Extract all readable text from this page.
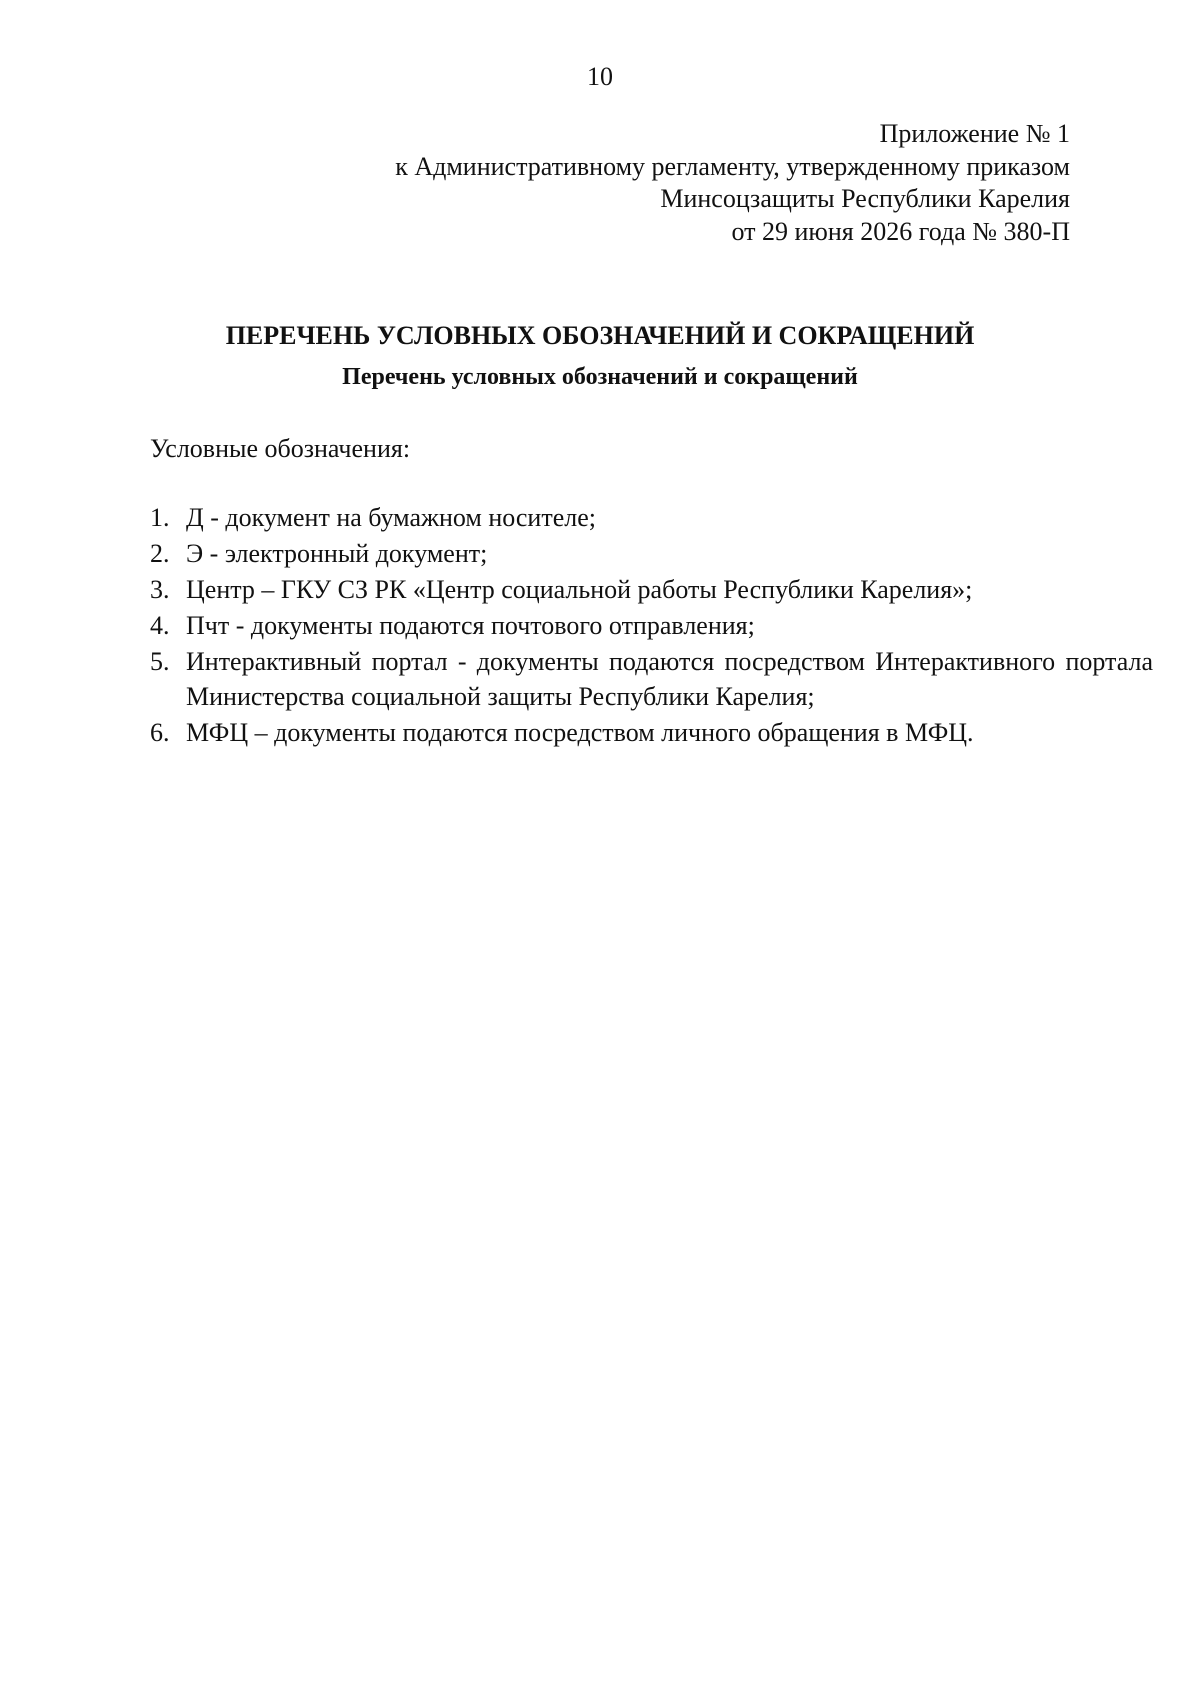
10
Приложение № 1
к Административному регламенту, утвержденному приказом
Минсоцзащиты Республики Карелия
от 29 июня 2026 года № 380-П
ПЕРЕЧЕНЬ УСЛОВНЫХ ОБОЗНАЧЕНИЙ И СОКРАЩЕНИЙ
Перечень условных обозначений и сокращений
Условные обозначения:
1. Д - документ на бумажном носителе;
2. Э - электронный документ;
3. Центр – ГКУ СЗ РК «Центр социальной работы Республики Карелия»;
4. Пчт - документы подаются почтового отправления;
5. Интерактивный портал - документы подаются посредством Интерактивного портала Министерства социальной защиты Республики Карелия;
6. МФЦ – документы подаются посредством личного обращения в МФЦ.
